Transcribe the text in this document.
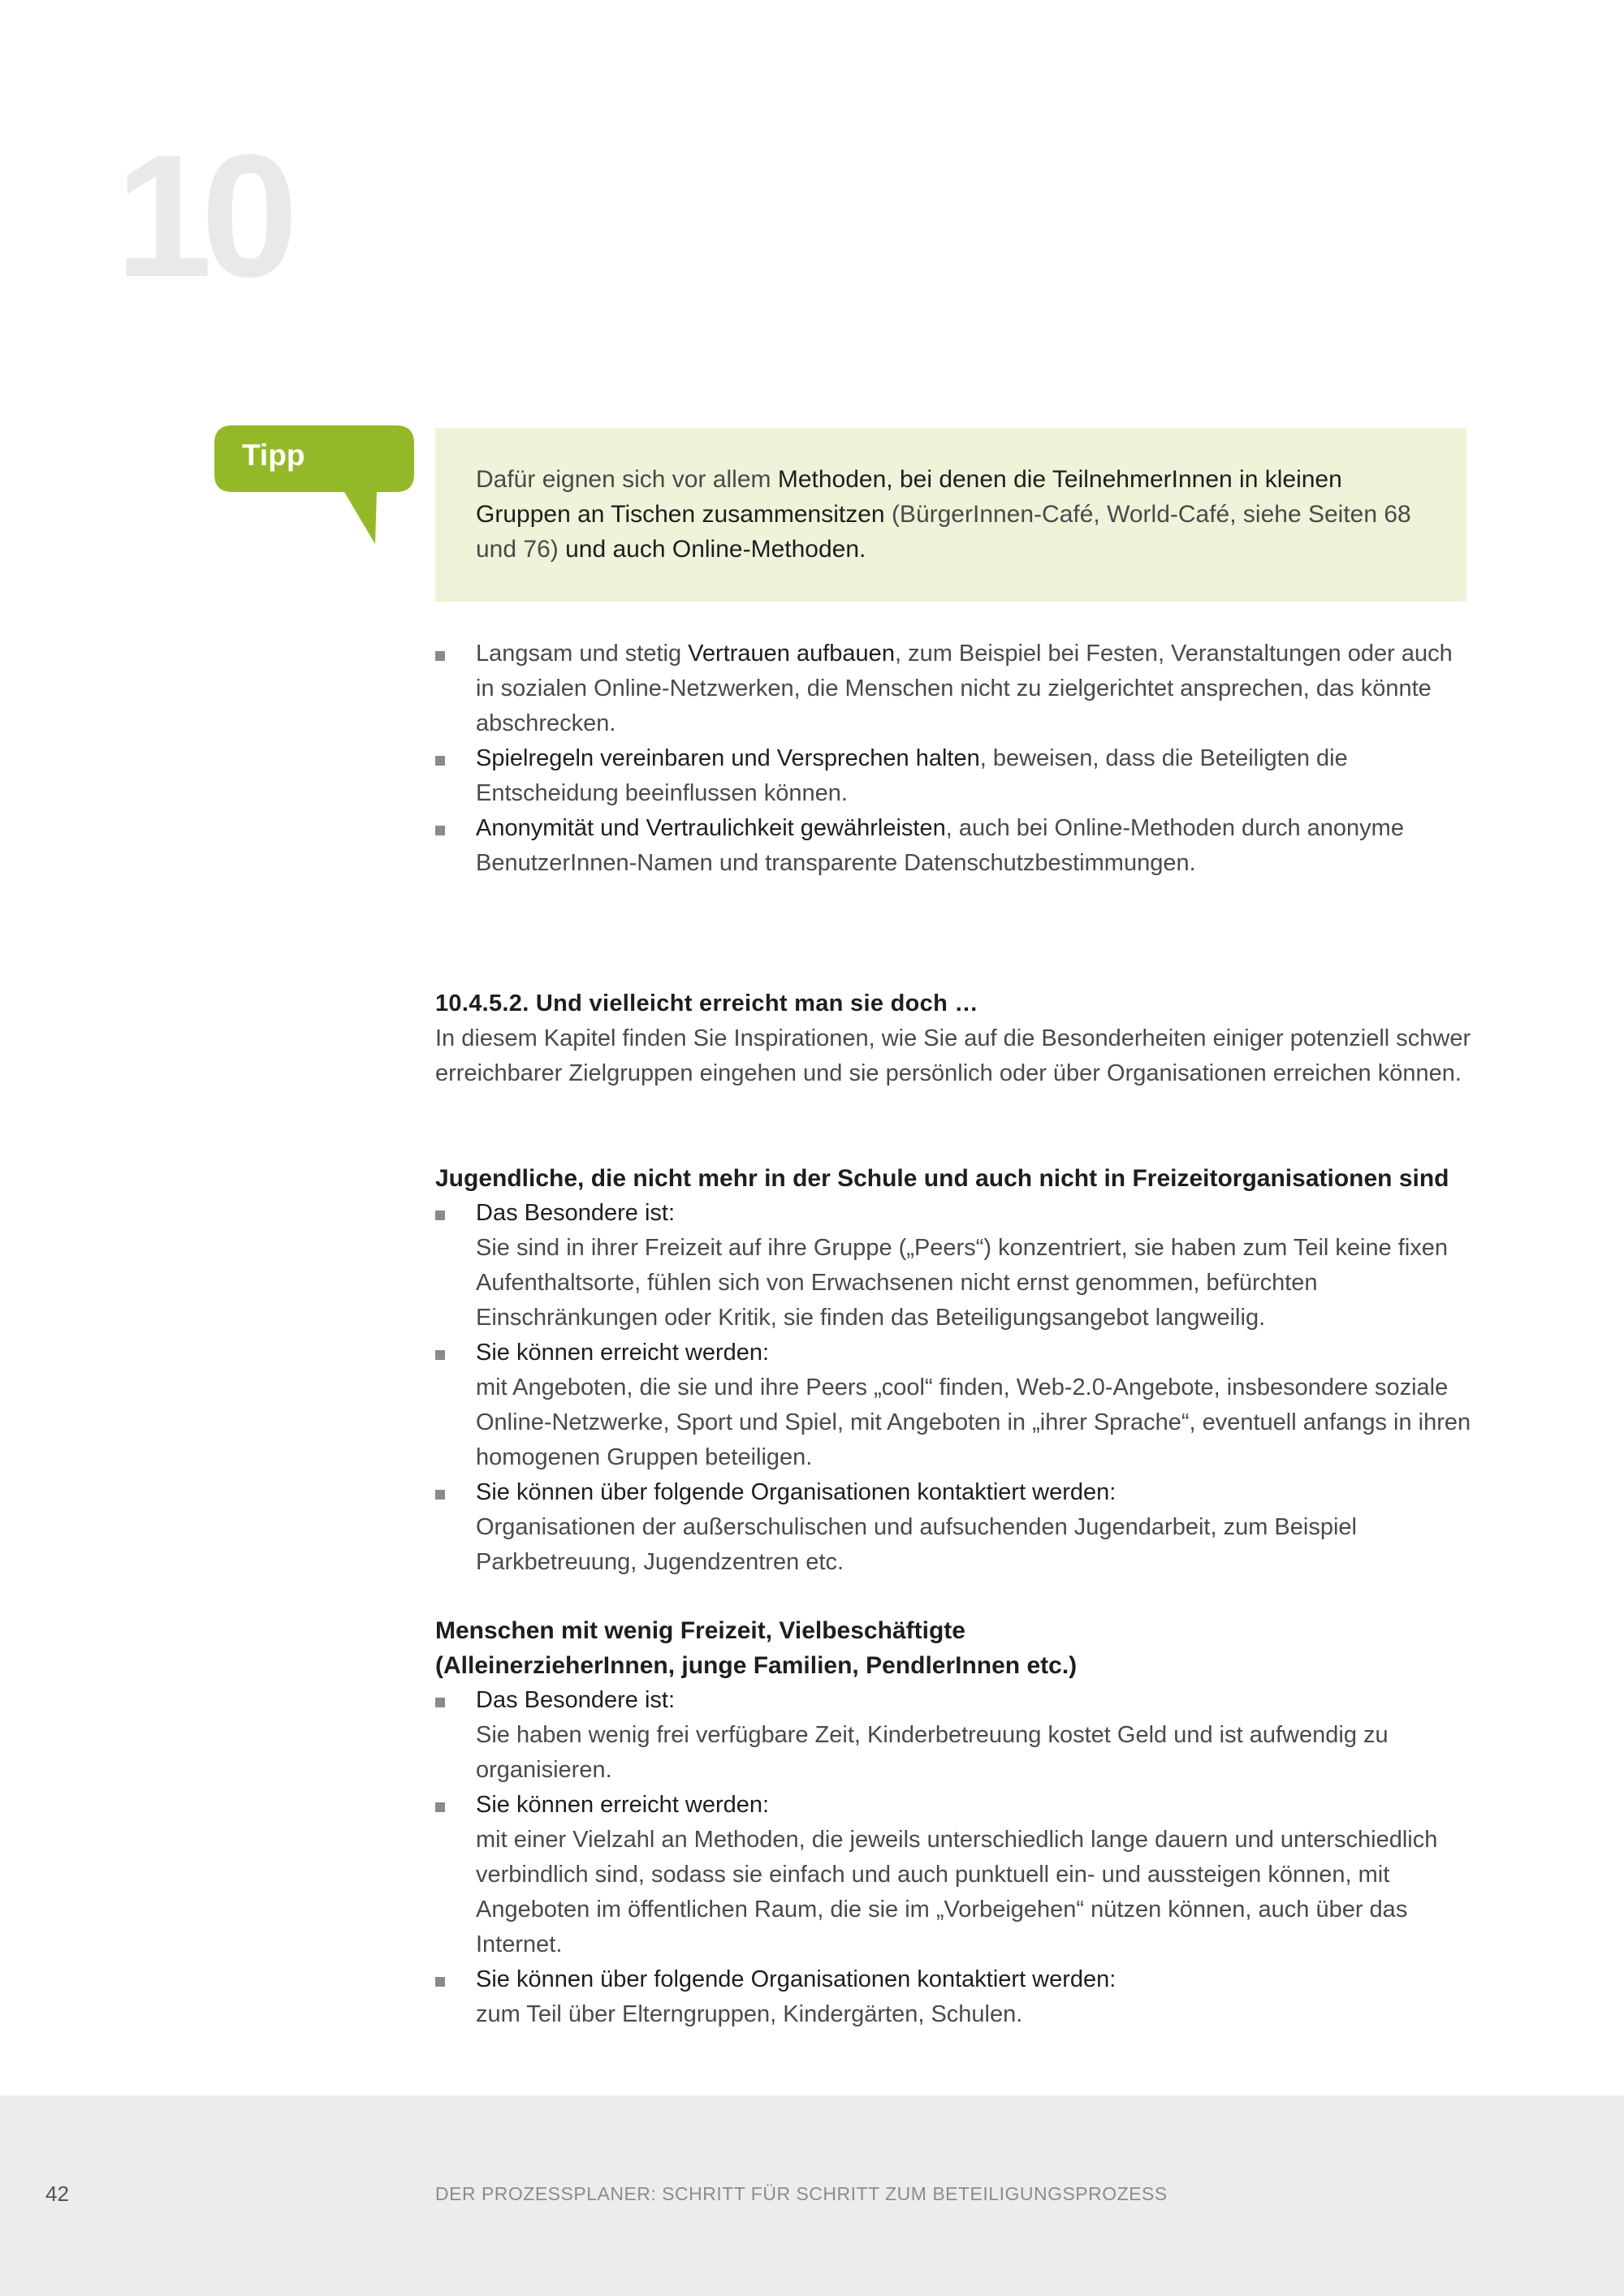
10
Tipp

Dafür eignen sich vor allem Methoden, bei denen die TeilnehmerInnen in kleinen Gruppen an Tischen zusammensitzen (BürgerInnen-Café, World-Café, siehe Seiten 68 und 76) und auch Online-Methoden.

Langsam und stetig Vertrauen aufbauen, zum Beispiel bei Festen, Veranstaltungen oder auch in sozialen Online-Netzwerken, die Menschen nicht zu zielgerichtet ansprechen, das könnte abschrecken.
Spielregeln vereinbaren und Versprechen halten, beweisen, dass die Beteiligten die Entscheidung beeinflussen können.
Anonymität und Vertraulichkeit gewährleisten, auch bei Online-Methoden durch anonyme BenutzerInnen-Namen und transparente Datenschutzbestimmungen.
10.4.5.2. Und vielleicht erreicht man sie doch …

In diesem Kapitel finden Sie Inspirationen, wie Sie auf die Besonderheiten einiger potenziell schwer erreichbarer Zielgruppen eingehen und sie persönlich oder über Organisationen erreichen können.

Jugendliche, die nicht mehr in der Schule und auch nicht in Freizeitorganisationen sind
Das Besondere ist:
Sie sind in ihrer Freizeit auf ihre Gruppe („Peers“) konzentriert, sie haben zum Teil keine fixen Aufenthaltsorte, fühlen sich von Erwachsenen nicht ernst genommen, befürchten Einschränkungen oder Kritik, sie finden das Beteiligungsangebot langweilig.
Sie können erreicht werden:
mit Angeboten, die sie und ihre Peers „cool“ finden, Web-2.0-Angebote, insbesondere soziale Online-Netzwerke, Sport und Spiel, mit Angeboten in „ihrer Sprache“, eventuell anfangs in ihren homogenen Gruppen beteiligen.
Sie können über folgende Organisationen kontaktiert werden:
Organisationen der außerschulischen und aufsuchenden Jugendarbeit, zum Beispiel Parkbetreuung, Jugendzentren etc.
Menschen mit wenig Freizeit, Vielbeschäftigte
(AlleinerzieherInnen, junge Familien, PendlerInnen etc.)
Das Besondere ist:
Sie haben wenig frei verfügbare Zeit, Kinderbetreuung kostet Geld und ist aufwendig zu organisieren.
Sie können erreicht werden:
mit einer Vielzahl an Methoden, die jeweils unterschiedlich lange dauern und unterschiedlich verbindlich sind, sodass sie einfach und auch punktuell ein- und aussteigen können, mit Angeboten im öffentlichen Raum, die sie im „Vorbeigehen“ nützen können, auch über das Internet.
Sie können über folgende Organisationen kontaktiert werden:
zum Teil über Elterngruppen, Kindergärten, Schulen.
42	DER PROZESSPLANER: SCHRITT FÜR SCHRITT ZUM BETEILIGUNGSPROZESS
